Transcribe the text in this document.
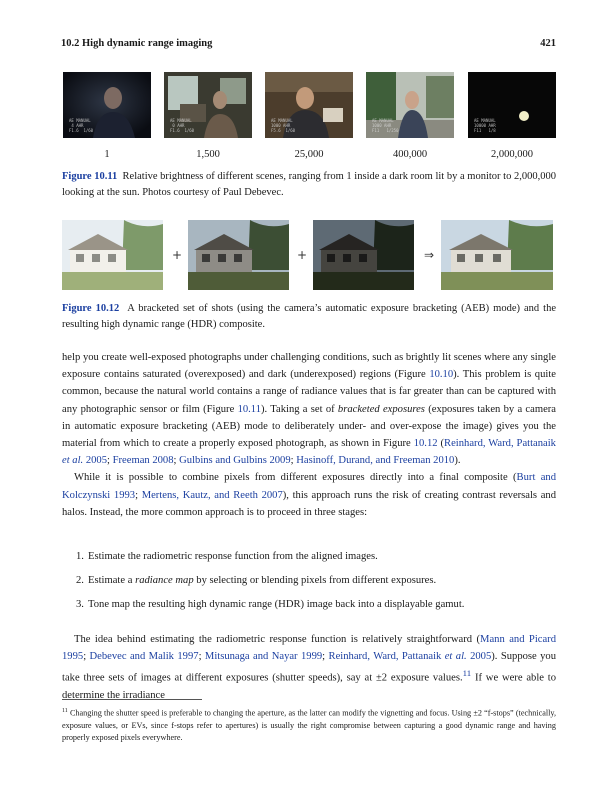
10.2 High dynamic range imaging	421
AE MANUAL
4 AHR
F1.6  1/60
AE MANUAL
0 AHR
F1.6  1/60
AE MANUAL
1000 AHR
F5.6  1/60
AE MANUAL
1000 AHR
F11   1/250
AE MANUAL
10000 AHR
F11   1/8
1	1,500	25,000	400,000	2,000,000
Figure 10.11 Relative brightness of different scenes, ranging from 1 inside a dark room lit by a monitor to 2,000,000 looking at the sun. Photos courtesy of Paul Debevec.
+	+	⇒
Figure 10.12 A bracketed set of shots (using the camera’s automatic exposure bracketing (AEB) mode) and the resulting high dynamic range (HDR) composite.

help you create well-exposed photographs under challenging conditions, such as brightly lit scenes where any single exposure contains saturated (overexposed) and dark (underexposed) regions (Figure 10.10). This problem is quite common, because the natural world contains a range of radiance values that is far greater than can be captured with any photographic sensor or film (Figure 10.11). Taking a set of bracketed exposures (exposures taken by a camera in automatic exposure bracketing (AEB) mode to deliberately under- and over-expose the image) gives you the material from which to create a properly exposed photograph, as shown in Figure 10.12 (Reinhard, Ward, Pattanaik et al. 2005; Freeman 2008; Gulbins and Gulbins 2009; Hasinoff, Durand, and Freeman 2010).

While it is possible to combine pixels from different exposures directly into a final composite (Burt and Kolczynski 1993; Mertens, Kautz, and Reeth 2007), this approach runs the risk of creating contrast reversals and halos. Instead, the more common approach is to proceed in three stages:

1. Estimate the radiometric response function from the aligned images.
2. Estimate a radiance map by selecting or blending pixels from different exposures.
3. Tone map the resulting high dynamic range (HDR) image back into a displayable gamut.

The idea behind estimating the radiometric response function is relatively straightforward (Mann and Picard 1995; Debevec and Malik 1997; Mitsunaga and Nayar 1999; Reinhard, Ward, Pattanaik et al. 2005). Suppose you take three sets of images at different exposures (shutter speeds), say at ±2 exposure values.$^{11}$ If we were able to determine the irradiance

$^{11}$ Changing the shutter speed is preferable to changing the aperture, as the latter can modify the vignetting and focus. Using ±2 “f-stops” (technically, exposure values, or EVs, since f-stops refer to apertures) is usually the right compromise between capturing a good dynamic range and having properly exposed pixels everywhere.
